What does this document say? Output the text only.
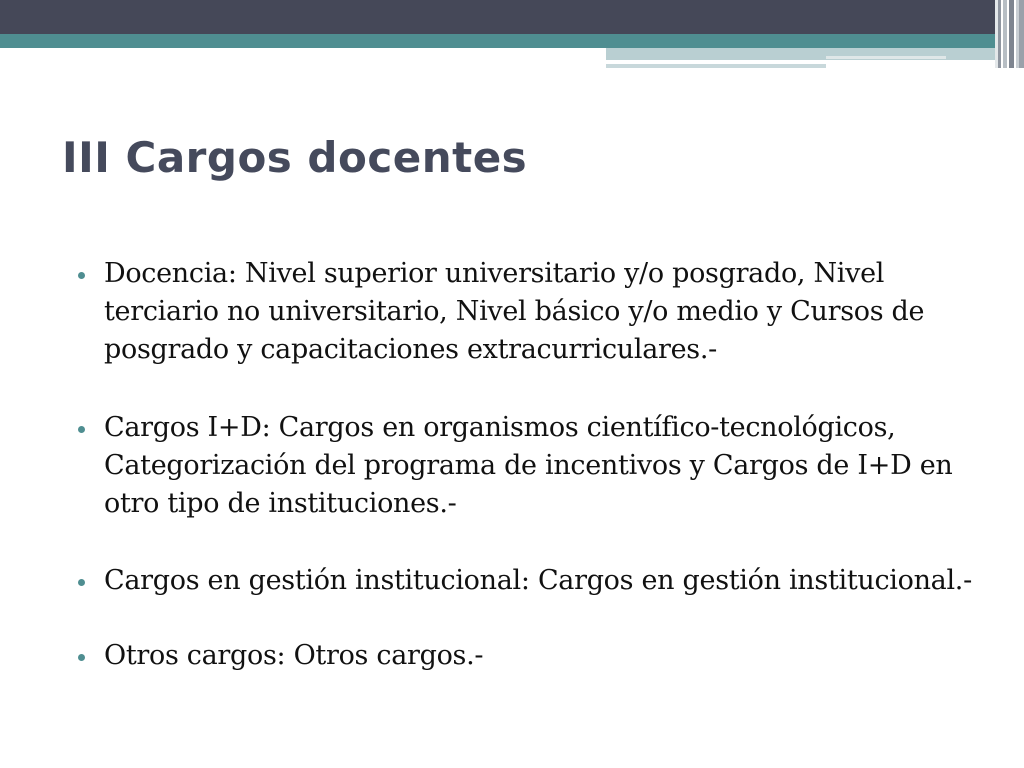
III Cargos docentes
Docencia: Nivel superior universitario y/o posgrado, Nivel terciario no universitario, Nivel básico y/o medio y Cursos de posgrado y capacitaciones extracurriculares.-
Cargos I+D: Cargos en organismos científico-tecnológicos, Categorización del programa de incentivos y Cargos de I+D en otro tipo de instituciones.-
Cargos en gestión institucional: Cargos en gestión institucional.-
Otros cargos: Otros cargos.-
